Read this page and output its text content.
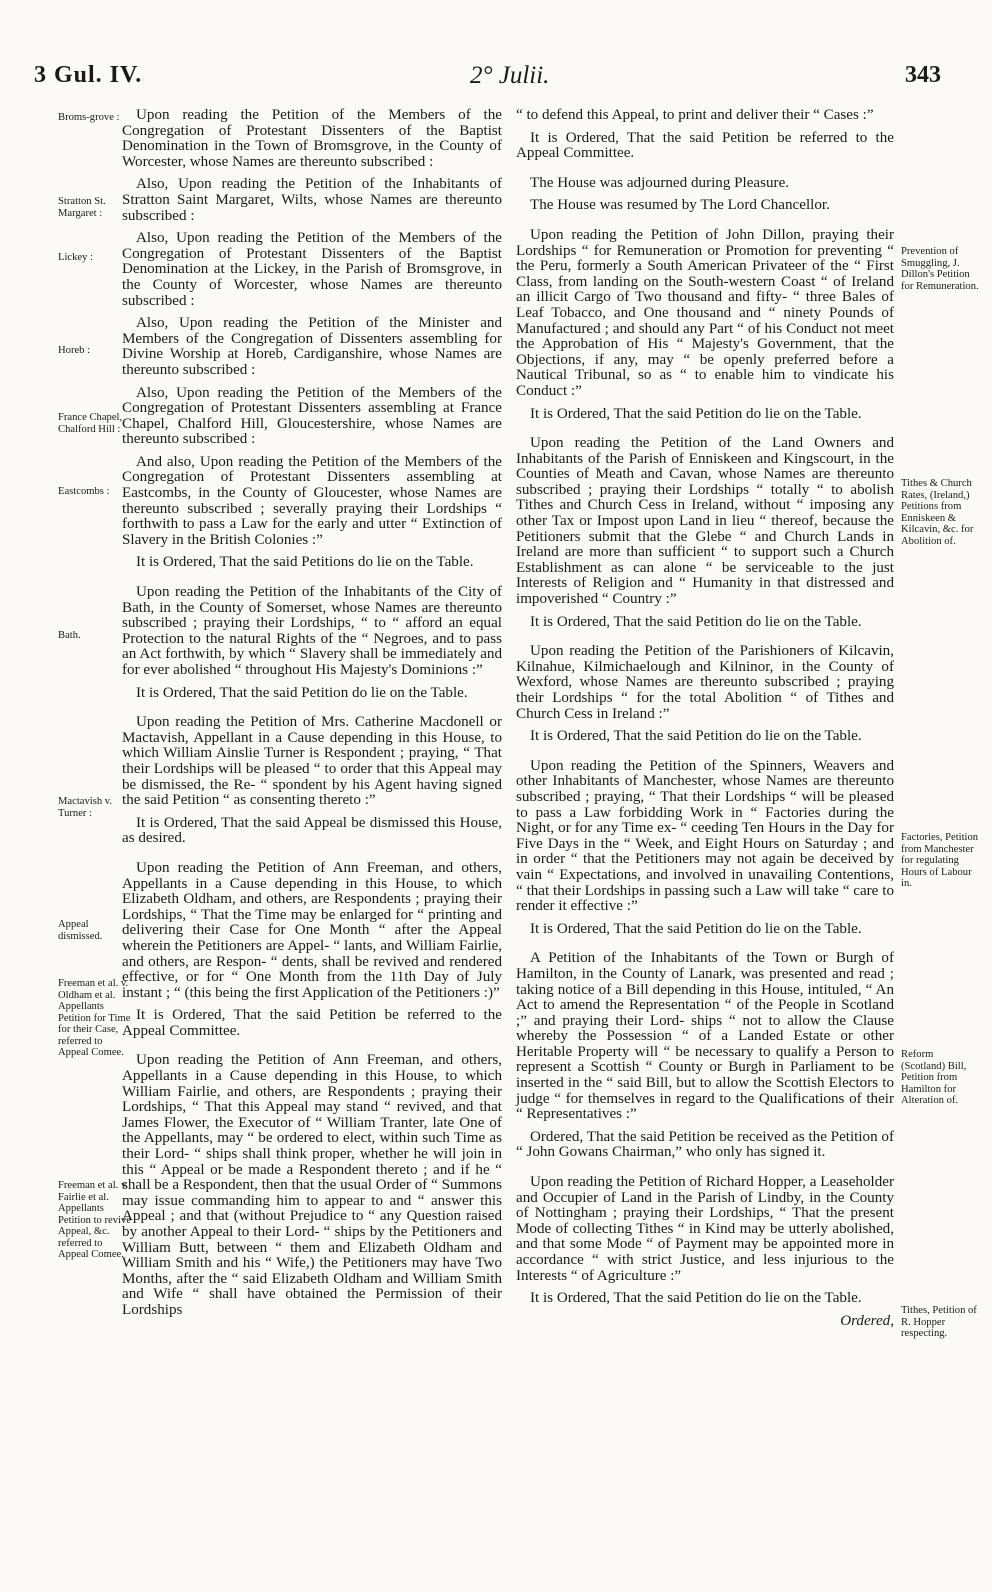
3 Gul. IV.	2° Julii.	343
Broms-grove :
Stratton St. Margaret :
Lickey :
Horeb :
France Chapel, Chalford Hill :
Eastcombs :
Bath.
Mactavish v. Turner :
Appeal dismissed.
Freeman et al. v. Oldham et al. Appellants Petition for Time for their Case, referred to Appeal Comee.
Freeman et al. v. Fairlie et al. Appellants Petition to revive Appeal, &c. referred to Appeal Comee.
Prevention of Smuggling, J. Dillon's Petition for Remuneration.
Tithes & Church Rates, (Ireland,) Petitions from Enniskeen & Kilcavin, &c. for Abolition of.
Factories, Petition from Manchester for regulating Hours of Labour in.
Reform (Scotland) Bill, Petition from Hamilton for Alteration of.
Tithes, Petition of R. Hopper respecting.

Upon reading the Petition of the Members of the Congregation of Protestant Dissenters of the Baptist Denomination in the Town of Bromsgrove, in the County of Worcester, whose Names are thereunto subscribed :

Also, Upon reading the Petition of the Inhabitants of Stratton Saint Margaret, Wilts, whose Names are thereunto subscribed :

Also, Upon reading the Petition of the Members of the Congregation of Protestant Dissenters of the Baptist Denomination at the Lickey, in the Parish of Bromsgrove, in the County of Worcester, whose Names are thereunto subscribed :

Also, Upon reading the Petition of the Minister and Members of the Congregation of Dissenters assembling for Divine Worship at Horeb, Cardiganshire, whose Names are thereunto subscribed :

Also, Upon reading the Petition of the Members of the Congregation of Protestant Dissenters assembling at France Chapel, Chalford Hill, Gloucestershire, whose Names are thereunto subscribed :

And also, Upon reading the Petition of the Members of the Congregation of Protestant Dissenters assembling at Eastcombs, in the County of Gloucester, whose Names are thereunto subscribed ; severally praying their Lordships “ forthwith to pass a Law for the early and utter “ Extinction of Slavery in the British Colonies :”

It is Ordered, That the said Petitions do lie on the Table.

Upon reading the Petition of the Inhabitants of the City of Bath, in the County of Somerset, whose Names are thereunto subscribed ; praying their Lordships, “ to “ afford an equal Protection to the natural Rights of the “ Negroes, and to pass an Act forthwith, by which “ Slavery shall be immediately and for ever abolished “ throughout His Majesty's Dominions :”

It is Ordered, That the said Petition do lie on the Table.

Upon reading the Petition of Mrs. Catherine Macdonell or Mactavish, Appellant in a Cause depending in this House, to which William Ainslie Turner is Respondent ; praying, “ That their Lordships will be pleased “ to order that this Appeal may be dismissed, the Re- “ spondent by his Agent having signed the said Petition “ as consenting thereto :”

It is Ordered, That the said Appeal be dismissed this House, as desired.

Upon reading the Petition of Ann Freeman, and others, Appellants in a Cause depending in this House, to which Elizabeth Oldham, and others, are Respondents ; praying their Lordships, “ That the Time may be enlarged for “ printing and delivering their Case for One Month “ after the Appeal wherein the Petitioners are Appel- “ lants, and William Fairlie, and others, are Respon- “ dents, shall be revived and rendered effective, or for “ One Month from the 11th Day of July instant ; “ (this being the first Application of the Petitioners :)”

It is Ordered, That the said Petition be referred to the Appeal Committee.

Upon reading the Petition of Ann Freeman, and others, Appellants in a Cause depending in this House, to which William Fairlie, and others, are Respondents ; praying their Lordships, “ That this Appeal may stand “ revived, and that James Flower, the Executor of “ William Tranter, late One of the Appellants, may “ be ordered to elect, within such Time as their Lord- “ ships shall think proper, whether he will join in this “ Appeal or be made a Respondent thereto ; and if he “ shall be a Respondent, then that the usual Order of “ Summons may issue commanding him to appear to and “ answer this Appeal ; and that (without Prejudice to “ any Question raised by another Appeal to their Lord- “ ships by the Petitioners and William Butt, between “ them and Elizabeth Oldham and William Smith and his “ Wife,) the Petitioners may have Two Months, after the “ said Elizabeth Oldham and William Smith and Wife “ shall have obtained the Permission of their Lordships

“ to defend this Appeal, to print and deliver their “ Cases :”

It is Ordered, That the said Petition be referred to the Appeal Committee.

The House was adjourned during Pleasure.

The House was resumed by The Lord Chancellor.

Upon reading the Petition of John Dillon, praying their Lordships “ for Remuneration or Promotion for preventing “ the Peru, formerly a South American Privateer of the “ First Class, from landing on the South-western Coast “ of Ireland an illicit Cargo of Two thousand and fifty- “ three Bales of Leaf Tobacco, and One thousand and “ ninety Pounds of Manufactured ; and should any Part “ of his Conduct not meet the Approbation of His “ Majesty's Government, that the Objections, if any, may “ be openly preferred before a Nautical Tribunal, so as “ to enable him to vindicate his Conduct :”

It is Ordered, That the said Petition do lie on the Table.

Upon reading the Petition of the Land Owners and Inhabitants of the Parish of Enniskeen and Kingscourt, in the Counties of Meath and Cavan, whose Names are thereunto subscribed ; praying their Lordships “ totally “ to abolish Tithes and Church Cess in Ireland, without “ imposing any other Tax or Impost upon Land in lieu “ thereof, because the Petitioners submit that the Glebe “ and Church Lands in Ireland are more than sufficient “ to support such a Church Establishment as can alone “ be serviceable to the just Interests of Religion and “ Humanity in that distressed and impoverished “ Country :”

It is Ordered, That the said Petition do lie on the Table.

Upon reading the Petition of the Parishioners of Kilcavin, Kilnahue, Kilmichaelough and Kilninor, in the County of Wexford, whose Names are thereunto subscribed ; praying their Lordships “ for the total Abolition “ of Tithes and Church Cess in Ireland :”

It is Ordered, That the said Petition do lie on the Table.

Upon reading the Petition of the Spinners, Weavers and other Inhabitants of Manchester, whose Names are thereunto subscribed ; praying, “ That their Lordships “ will be pleased to pass a Law forbidding Work in “ Factories during the Night, or for any Time ex- “ ceeding Ten Hours in the Day for Five Days in the “ Week, and Eight Hours on Saturday ; and in order “ that the Petitioners may not again be deceived by vain “ Expectations, and involved in unavailing Contentions, “ that their Lordships in passing such a Law will take “ care to render it effective :”

It is Ordered, That the said Petition do lie on the Table.

A Petition of the Inhabitants of the Town or Burgh of Hamilton, in the County of Lanark, was presented and read ; taking notice of a Bill depending in this House, intituled, “ An Act to amend the Representation “ of the People in Scotland ;” and praying their Lord- ships “ not to allow the Clause whereby the Possession “ of a Landed Estate or other Heritable Property will “ be necessary to qualify a Person to represent a Scottish “ County or Burgh in Parliament to be inserted in the “ said Bill, but to allow the Scottish Electors to judge “ for themselves in regard to the Qualifications of their “ Representatives :”

Ordered, That the said Petition be received as the Petition of “ John Gowans Chairman,” who only has signed it.

Upon reading the Petition of Richard Hopper, a Leaseholder and Occupier of Land in the Parish of Lindby, in the County of Nottingham ; praying their Lordships, “ That the present Mode of collecting Tithes “ in Kind may be utterly abolished, and that some Mode “ of Payment may be appointed more in accordance “ with strict Justice, and less injurious to the Interests “ of Agriculture :”

It is Ordered, That the said Petition do lie on the Table.

Ordered,
